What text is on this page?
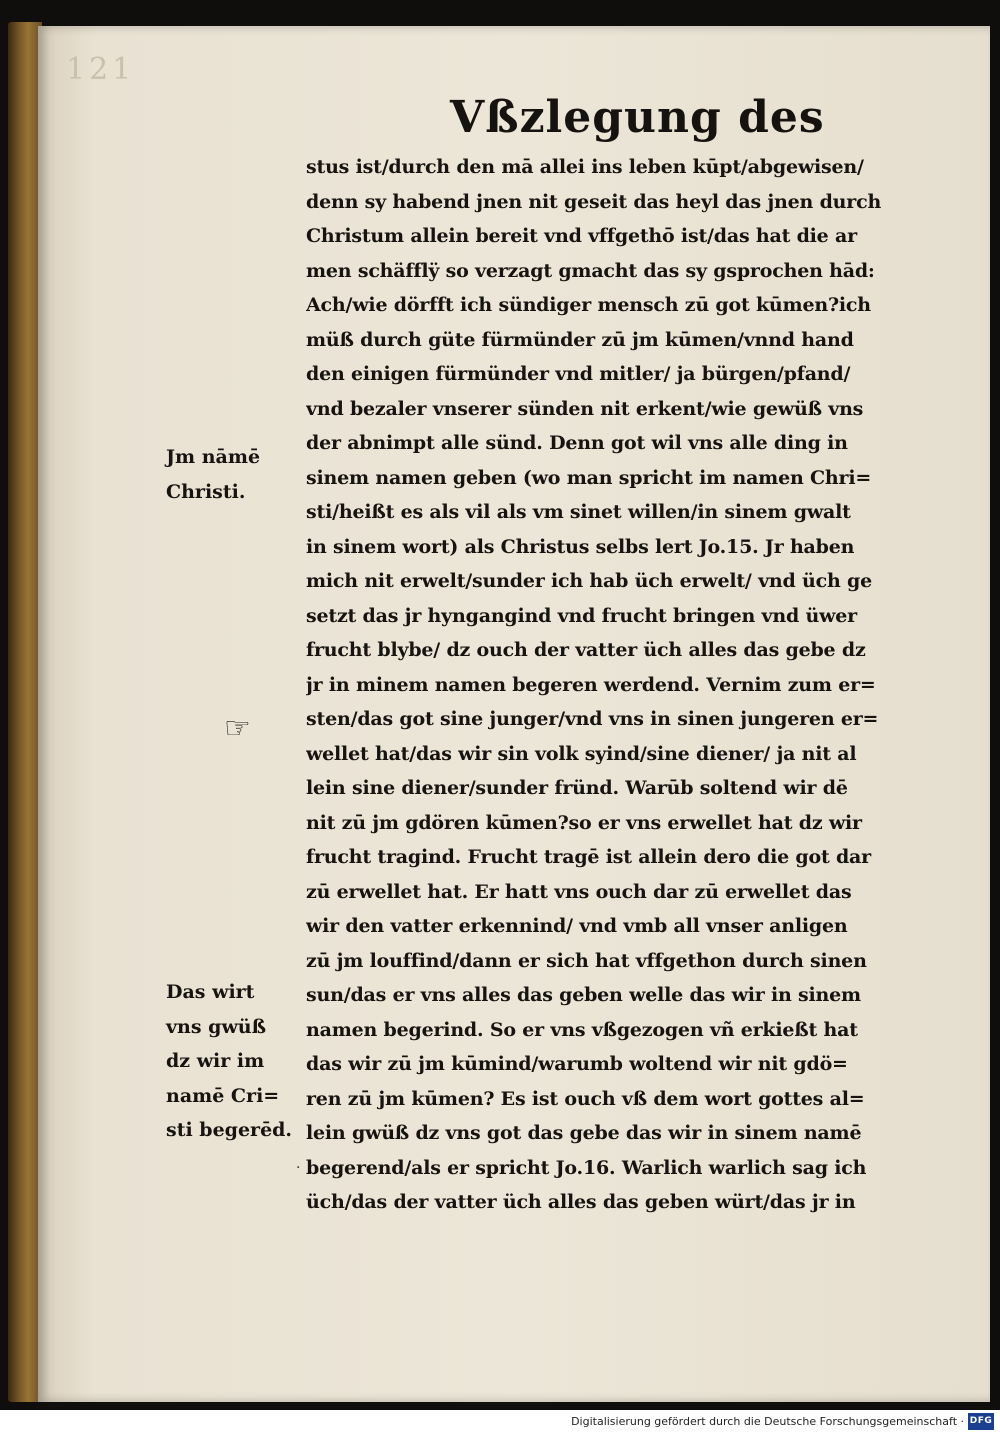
121
Vßzlegung des
stus ist/durch den mā allei ins leben kūpt/abgewisen/
denn sy habend jnen nit geseit das heyl das jnen durch
Christum allein bereit vnd vffgethō ist/das hat die ar
men schäfflÿ so verzagt gmacht das sy gsprochen hād:
Ach/wie dörfft ich sündiger mensch zū got kūmen?ich
müß durch güte fürmünder zū jm kūmen/vnnd hand
den einigen fürmünder vnd mitler/ ja bürgen/pfand/
vnd bezaler vnserer sünden nit erkent/wie gewüß vns
der abnimpt alle sünd. Denn got wil vns alle ding in
sinem namen geben (wo man spricht im namen Chri=
sti/heißt es als vil als vm sinet willen/in sinem gwalt
in sinem wort) als Christus selbs lert Jo.15. Jr haben
mich nit erwelt/sunder ich hab üch erwelt/ vnd üch ge
setzt das jr hyngangind vnd frucht bringen vnd üwer
frucht blybe/ dz ouch der vatter üch alles das gebe dz
jr in minem namen begeren werdend. Vernim zum er=
sten/das got sine junger/vnd vns in sinen jungeren er=
wellet hat/das wir sin volk syind/sine diener/ ja nit al
lein sine diener/sunder fründ. Warūb soltend wir dē
nit zū jm gdören kūmen?so er vns erwellet hat dz wir
frucht tragind. Frucht tragē ist allein dero die got dar
zū erwellet hat. Er hatt vns ouch dar zū erwellet das
wir den vatter erkennind/ vnd vmb all vnser anligen
zū jm louffind/dann er sich hat vffgethon durch sinen
sun/das er vns alles das geben welle das wir in sinem
namen begerind. So er vns vßgezogen vñ erkießt hat
das wir zū jm kūmind/warumb woltend wir nit gdö=
ren zū jm kūmen? Es ist ouch vß dem wort gottes al=
lein gwüß dz vns got das gebe das wir in sinem namē
begerend/als er spricht Jo.16. Warlich warlich sag ich
üch/das der vatter üch alles das geben würt/das jr in
Jm nāmē
Christi.
Das wirt
vns gwüß
dz wir im
namē Cri=
sti begerēd.
☞
·
Digitalisierung gefördert durch die Deutsche Forschungsgemeinschaft · DFG
